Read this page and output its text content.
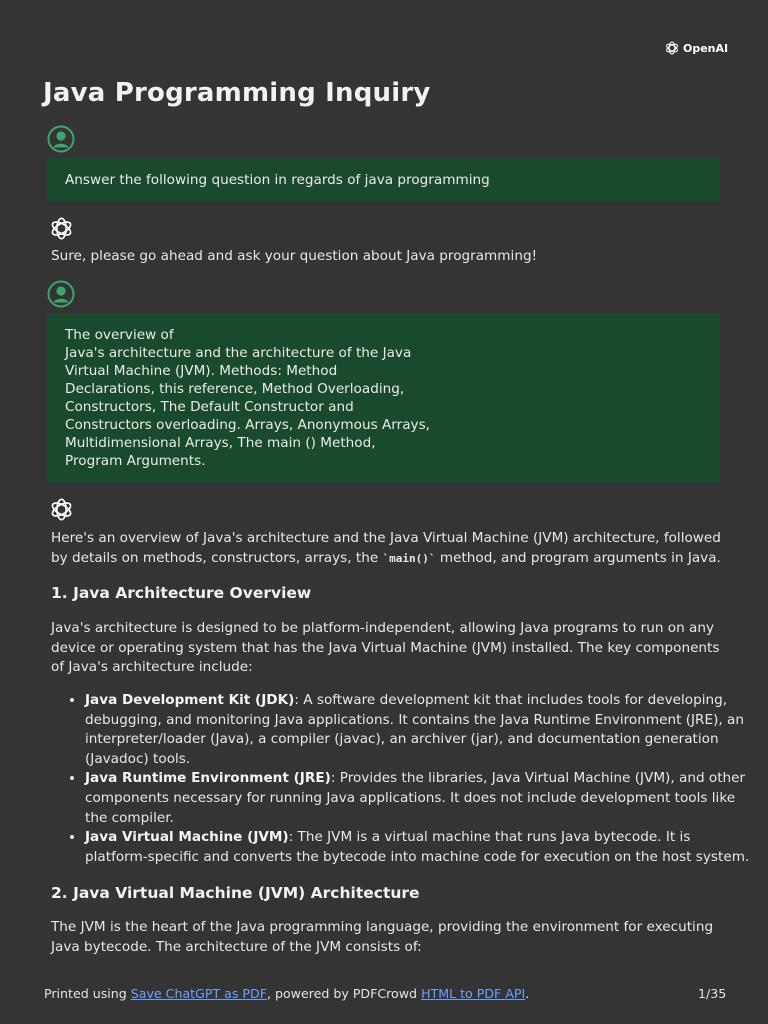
OpenAI
Java Programming Inquiry
Answer the following question in regards of java programming

Sure, please go ahead and ask your question about Java programming!

The overview of
Java's architecture and the architecture of the Java
Virtual Machine (JVM). Methods: Method
Declarations, this reference, Method Overloading,
Constructors, The Default Constructor and
Constructors overloading. Arrays, Anonymous Arrays,
Multidimensional Arrays, The main () Method,
Program Arguments.

Here's an overview of Java's architecture and the Java Virtual Machine (JVM) architecture, followed by details on methods, constructors, arrays, the `main()` method, and program arguments in Java.

1. Java Architecture Overview

Java's architecture is designed to be platform-independent, allowing Java programs to run on any device or operating system that has the Java Virtual Machine (JVM) installed. The key components of Java's architecture include:

• Java Development Kit (JDK): A software development kit that includes tools for developing, debugging, and monitoring Java applications. It contains the Java Runtime Environment (JRE), an interpreter/loader (Java), a compiler (javac), an archiver (jar), and documentation generation (Javadoc) tools.
• Java Runtime Environment (JRE): Provides the libraries, Java Virtual Machine (JVM), and other components necessary for running Java applications. It does not include development tools like the compiler.
• Java Virtual Machine (JVM): The JVM is a virtual machine that runs Java bytecode. It is platform-specific and converts the bytecode into machine code for execution on the host system.
2. Java Virtual Machine (JVM) Architecture

The JVM is the heart of the Java programming language, providing the environment for executing Java bytecode. The architecture of the JVM consists of:

Printed using Save ChatGPT as PDF, powered by PDFCrowd HTML to PDF API.	1/35
